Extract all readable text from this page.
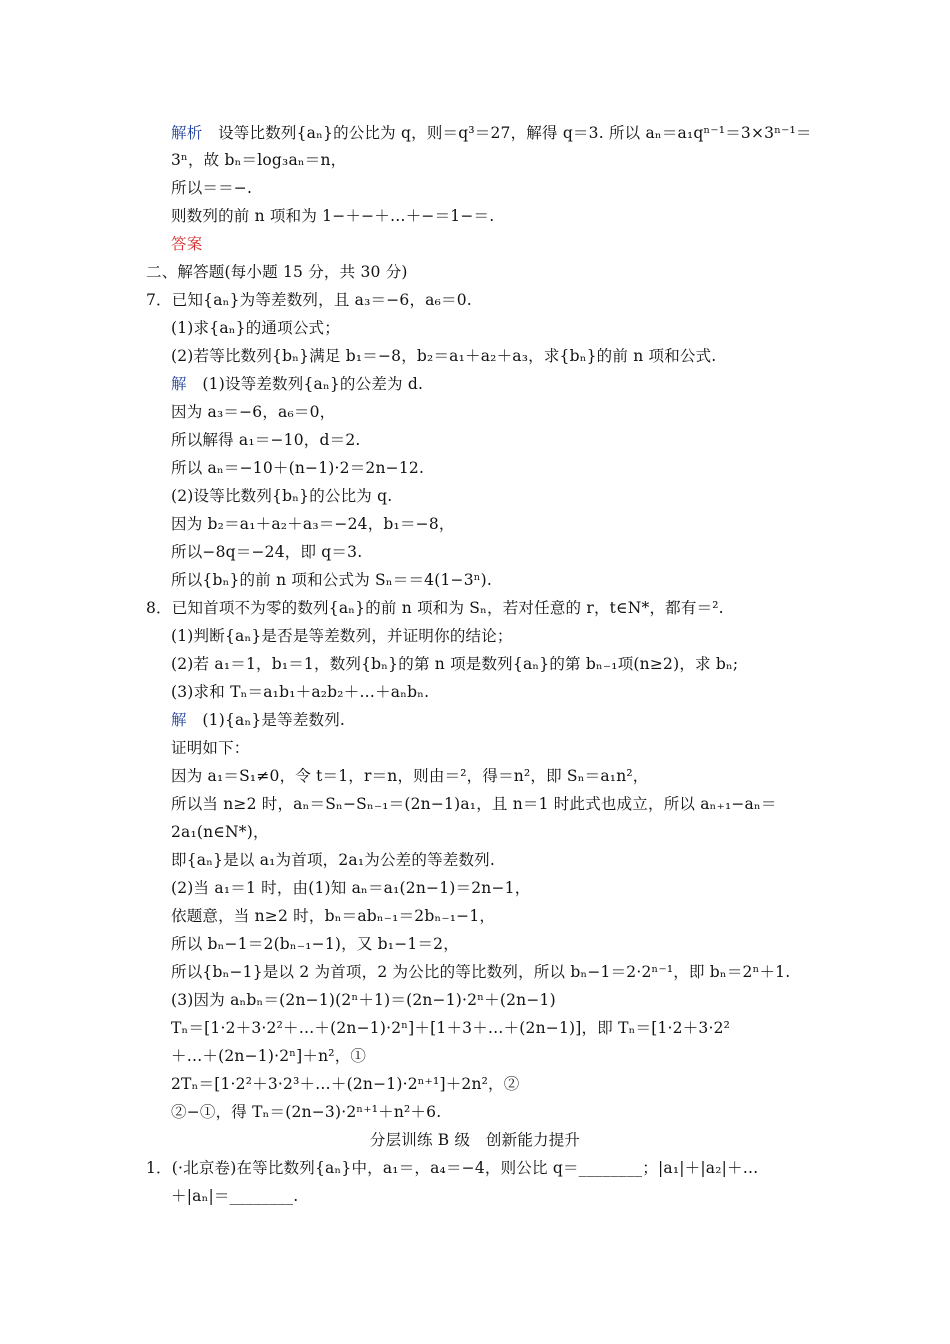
解析　 设等比数列{aₙ}的公比为 q，则＝q³＝27，解得 q＝3. 所以 aₙ＝a₁qⁿ⁻¹＝3×3ⁿ⁻¹＝
3ⁿ，故 bₙ＝log₃aₙ＝n，
所以＝＝−.
则数列的前 n 项和为 1−＋−＋…＋−＝1−＝.
答案
二、解答题(每小题 15 分，共 30 分)
7．已知{aₙ}为等差数列，且 a₃＝−6，a₆＝0.
(1)求{aₙ}的通项公式；
(2)若等比数列{bₙ}满足 b₁＝−8，b₂＝a₁＋a₂＋a₃，求{bₙ}的前 n 项和公式.
解　 (1)设等差数列{aₙ}的公差为 d.
因为 a₃＝−6，a₆＝0，
所以解得 a₁＝−10，d＝2.
所以 aₙ＝−10＋(n−1)·2＝2n−12.
(2)设等比数列{bₙ}的公比为 q.
因为 b₂＝a₁＋a₂＋a₃＝−24，b₁＝−8，
所以−8q＝−24，即 q＝3.
所以{bₙ}的前 n 项和公式为 Sₙ＝＝4(1−3ⁿ).
8．已知首项不为零的数列{aₙ}的前 n 项和为 Sₙ，若对任意的 r，t∈N*，都有＝².
(1)判断{aₙ}是否是等差数列，并证明你的结论；
(2)若 a₁＝1，b₁＝1，数列{bₙ}的第 n 项是数列{aₙ}的第 bₙ₋₁项(n≥2)，求 bₙ;
(3)求和 Tₙ＝a₁b₁＋a₂b₂＋…＋aₙbₙ.
解　 (1){aₙ}是等差数列.
证明如下：
因为 a₁＝S₁≠0，令 t＝1，r＝n，则由＝²，得＝n²，即 Sₙ＝a₁n²，
所以当 n≥2 时，aₙ＝Sₙ−Sₙ₋₁＝(2n−1)a₁，且 n＝1 时此式也成立，所以 aₙ₊₁−aₙ＝
2a₁(n∈N*)，
即{aₙ}是以 a₁为首项，2a₁为公差的等差数列.
(2)当 a₁＝1 时，由(1)知 aₙ＝a₁(2n−1)＝2n−1，
依题意，当 n≥2 时，bₙ＝abₙ₋₁＝2bₙ₋₁−1，
所以 bₙ−1＝2(bₙ₋₁−1)，又 b₁−1＝2，
所以{bₙ−1}是以 2 为首项，2 为公比的等比数列，所以 bₙ−1＝2·2ⁿ⁻¹，即 bₙ＝2ⁿ＋1.
(3)因为 aₙbₙ＝(2n−1)(2ⁿ＋1)＝(2n−1)·2ⁿ＋(2n−1)
Tₙ＝[1·2＋3·2²＋…＋(2n−1)·2ⁿ]＋[1＋3＋…＋(2n−1)]，即 Tₙ＝[1·2＋3·2²
＋…＋(2n−1)·2ⁿ]＋n²，①
2Tₙ＝[1·2²＋3·2³＋…＋(2n−1)·2ⁿ⁺¹]＋2n²，②
②−①，得 Tₙ＝(2n−3)·2ⁿ⁺¹＋n²＋6.
分层训练 B 级　创新能力提升
1．(·北京卷)在等比数列{aₙ}中，a₁＝，a₄＝−4，则公比 q＝________；|a₁|＋|a₂|＋…
＋|aₙ|＝________.
